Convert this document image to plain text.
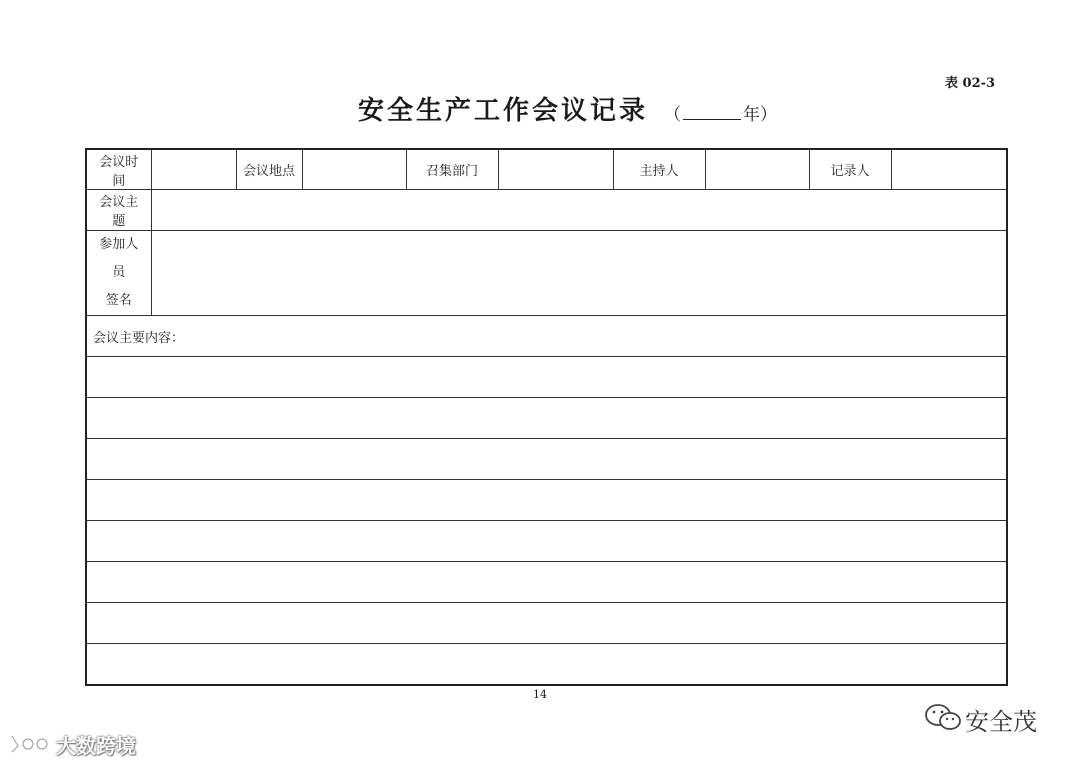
表 02-3
安全生产工作会议记录 （	年）
会议时间		会议地点		召集部门		主持人		记录人	
会议主题									

参加人员
签名									

会议主要内容：									

14
安全茂
大数跨境
